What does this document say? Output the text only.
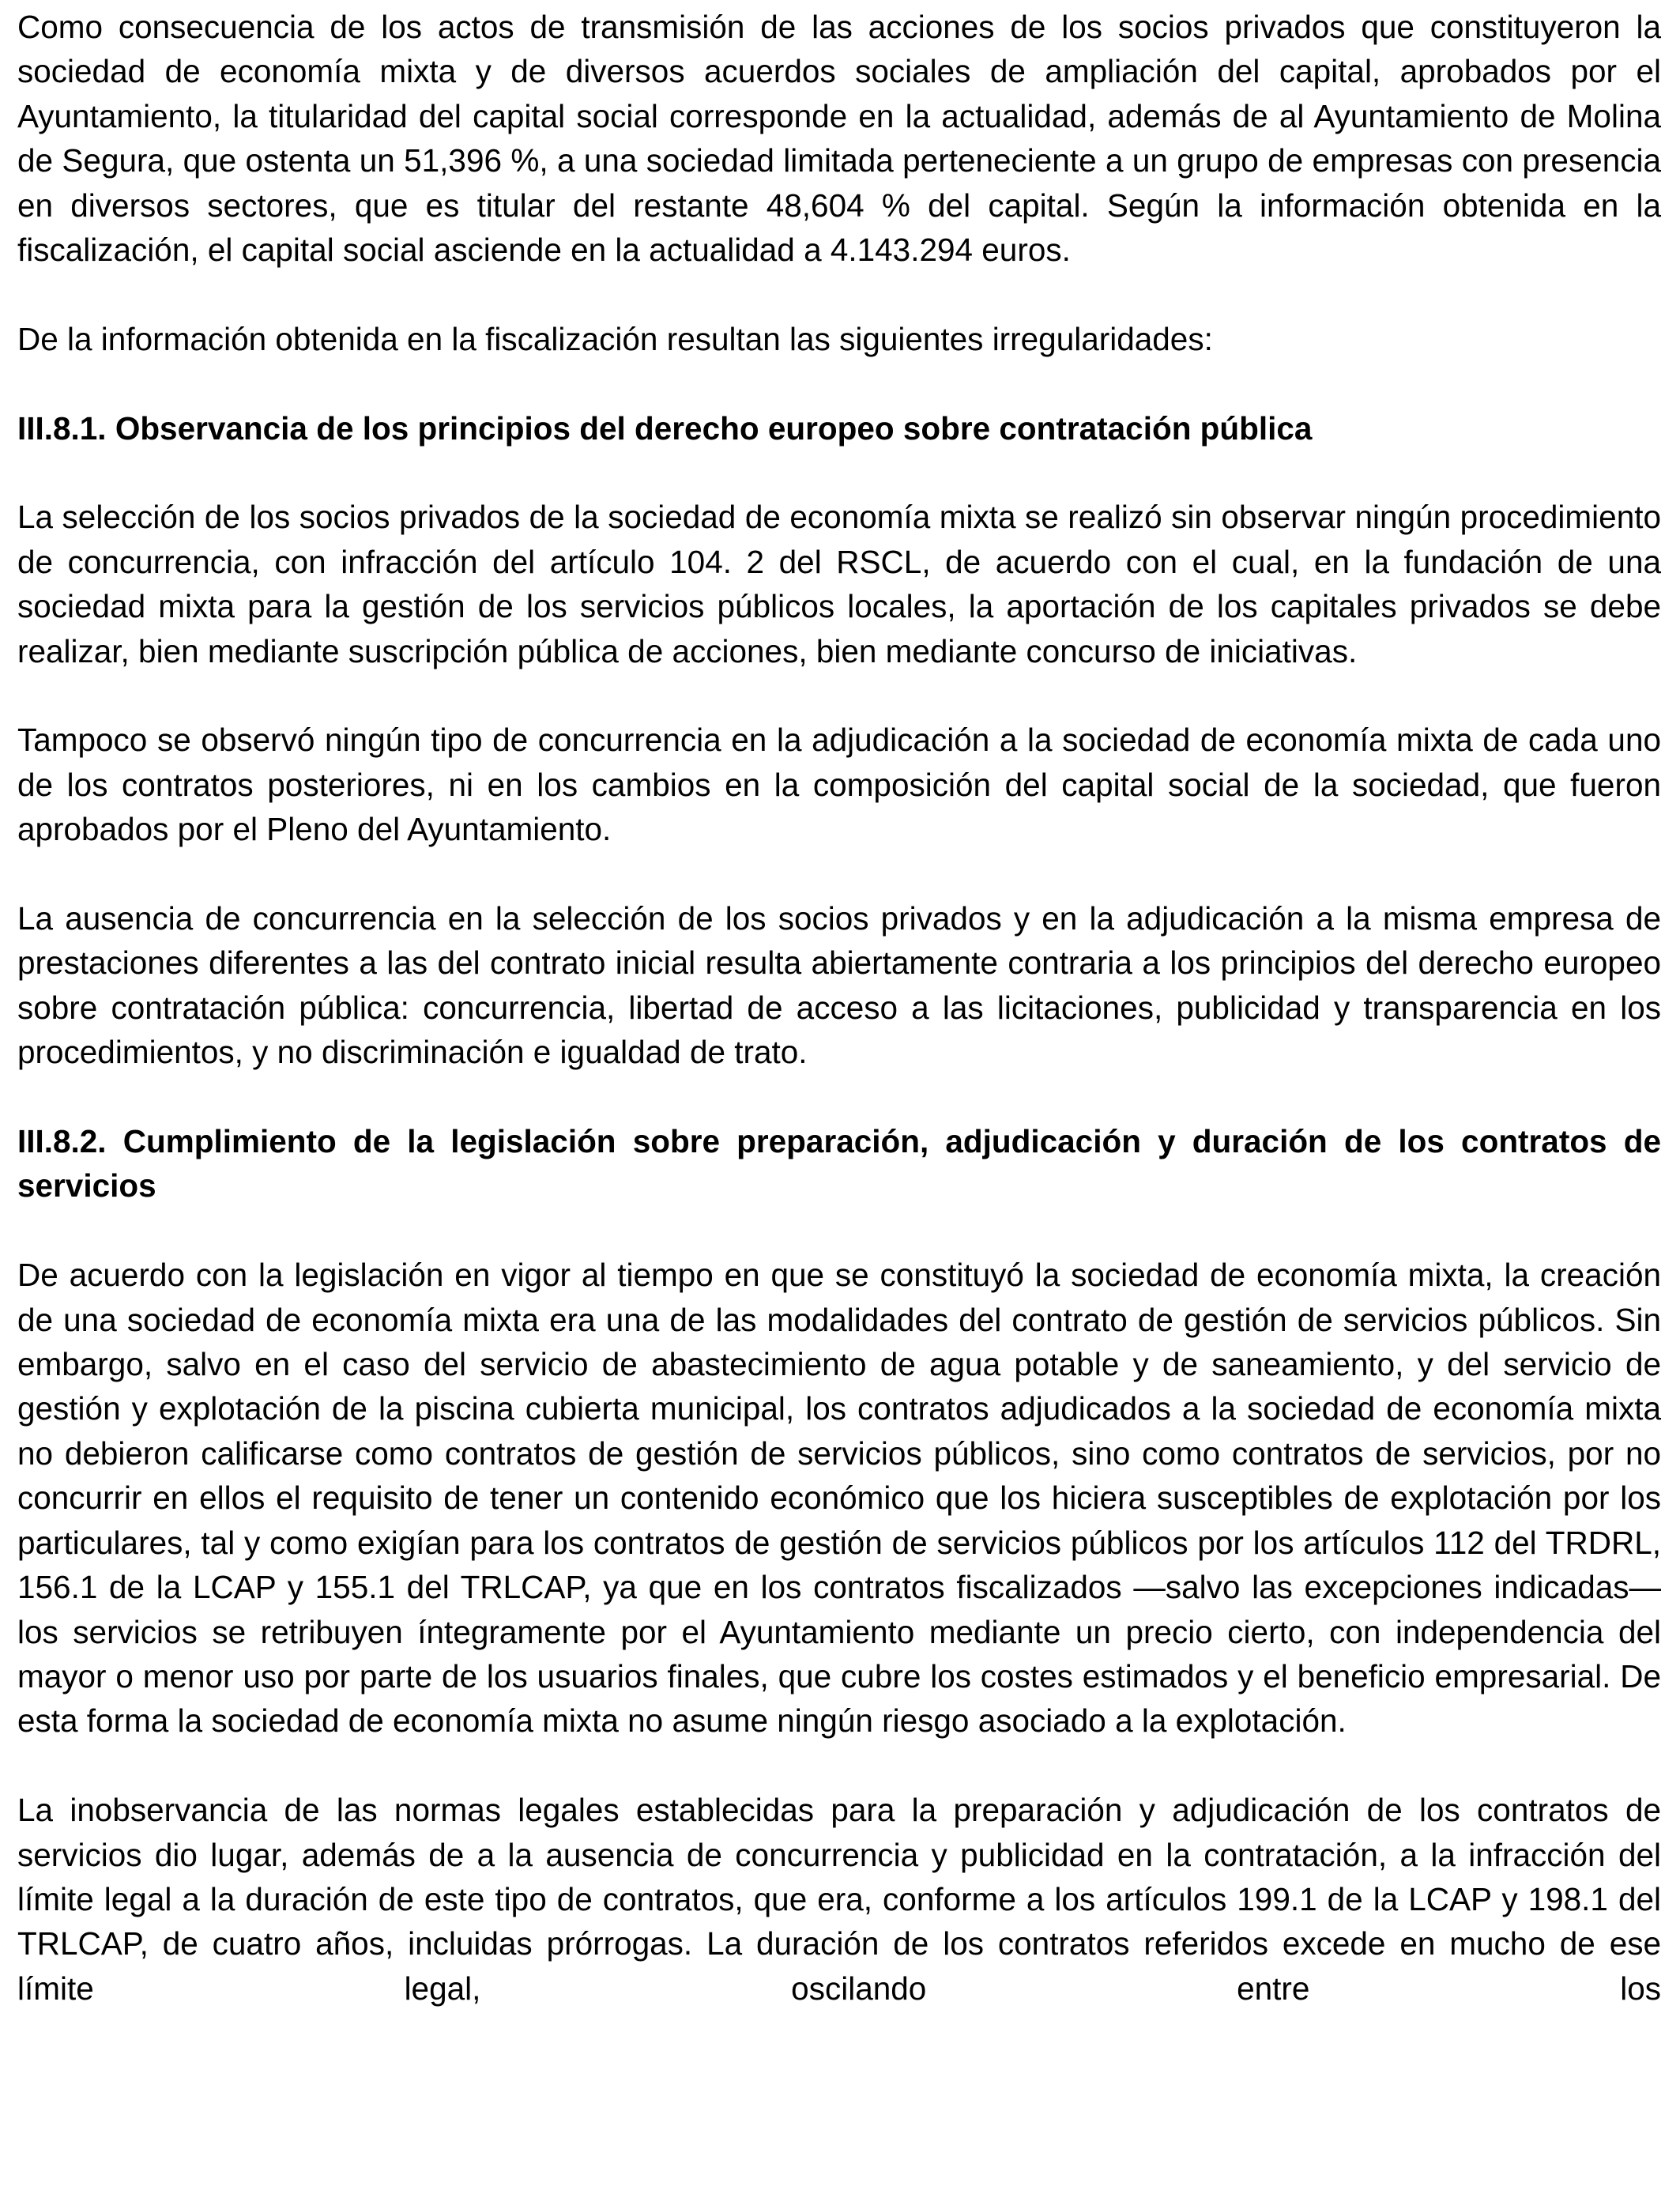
Como consecuencia de los actos de transmisión de las acciones de los socios privados que constituyeron la sociedad de economía mixta y de diversos acuerdos sociales de ampliación del capital, aprobados por el Ayuntamiento, la titularidad del capital social corresponde en la actualidad, además de al Ayuntamiento de Molina de Segura, que ostenta un 51,396 %, a una sociedad limitada perteneciente a un grupo de empresas con presencia en diversos sectores, que es titular del restante 48,604 % del capital. Según la información obtenida en la fiscalización, el capital social asciende en la actualidad a 4.143.294 euros.

De la información obtenida en la fiscalización resultan las siguientes irregularidades:

III.8.1. Observancia de los principios del derecho europeo sobre contratación pública

La selección de los socios privados de la sociedad de economía mixta se realizó sin observar ningún procedimiento de concurrencia, con infracción del artículo 104. 2 del RSCL, de acuerdo con el cual, en la fundación de una sociedad mixta para la gestión de los servicios públicos locales, la aportación de los capitales privados se debe realizar, bien mediante suscripción pública de acciones, bien mediante concurso de iniciativas.

Tampoco se observó ningún tipo de concurrencia en la adjudicación a la sociedad de economía mixta de cada uno de los contratos posteriores, ni en los cambios en la composición del capital social de la sociedad, que fueron aprobados por el Pleno del Ayuntamiento.

La ausencia de concurrencia en la selección de los socios privados y en la adjudicación a la misma empresa de prestaciones diferentes a las del contrato inicial resulta abiertamente contraria a los principios del derecho europeo sobre contratación pública: concurrencia, libertad de acceso a las licitaciones, publicidad y transparencia en los procedimientos, y no discriminación e igualdad de trato.

III.8.2. Cumplimiento de la legislación sobre preparación, adjudicación y duración de los contratos de servicios

De acuerdo con la legislación en vigor al tiempo en que se constituyó la sociedad de economía mixta, la creación de una sociedad de economía mixta era una de las modalidades del contrato de gestión de servicios públicos. Sin embargo, salvo en el caso del servicio de abastecimiento de agua potable y de saneamiento, y del servicio de gestión y explotación de la piscina cubierta municipal, los contratos adjudicados a la sociedad de economía mixta no debieron calificarse como contratos de gestión de servicios públicos, sino como contratos de servicios, por no concurrir en ellos el requisito de tener un contenido económico que los hiciera susceptibles de explotación por los particulares, tal y como exigían para los contratos de gestión de servicios públicos por los artículos 112 del TRDRL, 156.1 de la LCAP y 155.1 del TRLCAP, ya que en los contratos fiscalizados —salvo las excepciones indicadas— los servicios se retribuyen íntegramente por el Ayuntamiento mediante un precio cierto, con independencia del mayor o menor uso por parte de los usuarios finales, que cubre los costes estimados y el beneficio empresarial. De esta forma la sociedad de economía mixta no asume ningún riesgo asociado a la explotación.

La inobservancia de las normas legales establecidas para la preparación y adjudicación de los contratos de servicios dio lugar, además de a la ausencia de concurrencia y publicidad en la contratación, a la infracción del límite legal a la duración de este tipo de contratos, que era, conforme a los artículos 199.1 de la LCAP y 198.1 del TRLCAP, de cuatro años, incluidas prórrogas. La duración de los contratos referidos excede en mucho de ese límite legal, oscilando entre los
